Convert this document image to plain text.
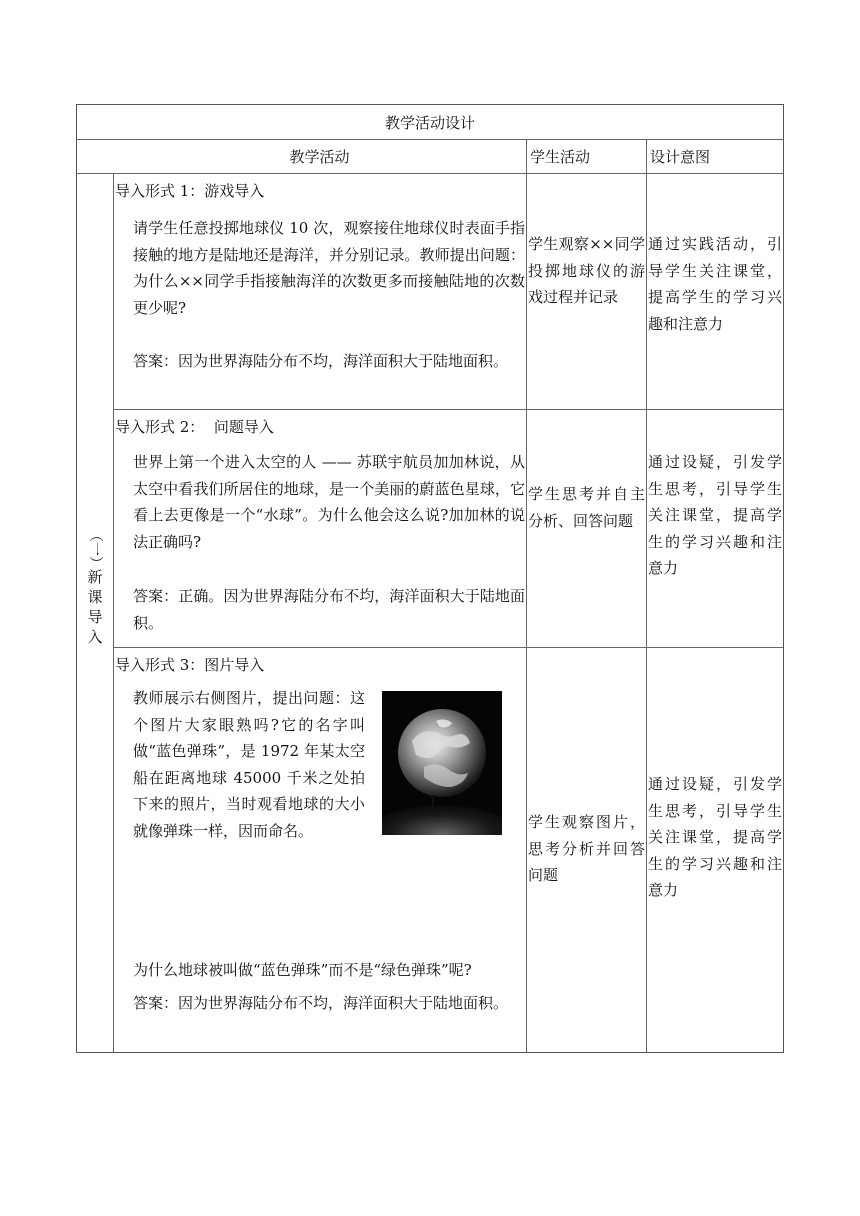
教学活动设计
教学活动	学生活动	设计意图
（一）
新
课
导
入
导入形式 1：游戏导入
请学生任意投掷地球仪 10 次，观察接住地球仪时表面手指接触的地方是陆地还是海洋，并分别记录。教师提出问题：为什么××同学手指接触海洋的次数更多而接触陆地的次数更少呢?
答案：因为世界海陆分布不均，海洋面积大于陆地面积。
学生观察××同学投掷地球仪的游戏过程并记录
通过实践活动，引导学生关注课堂，提高学生的学习兴趣和注意力
导入形式 2：  问题导入
世界上第一个进入太空的人 —— 苏联宇航员加加林说，从太空中看我们所居住的地球，是一个美丽的蔚蓝色星球，它看上去更像是一个“水球”。为什么他会这么说?加加林的说法正确吗?
答案：正确。因为世界海陆分布不均，海洋面积大于陆地面积。
学生思考并自主分析、回答问题
通过设疑，引发学生思考，引导学生关注课堂，提高学生的学习兴趣和注意力
导入形式 3：图片导入
教师展示右侧图片，提出问题：这个图片大家眼熟吗?它的名字叫做“蓝色弹珠”，是 1972 年某太空船在距离地球 45000 千米之处拍下来的照片，当时观看地球的大小就像弹珠一样，因而命名。
为什么地球被叫做“蓝色弹珠”而不是“绿色弹珠”呢?
答案：因为世界海陆分布不均，海洋面积大于陆地面积。
学生观察图片，思考分析并回答问题
通过设疑，引发学生思考，引导学生关注课堂，提高学生的学习兴趣和注意力
